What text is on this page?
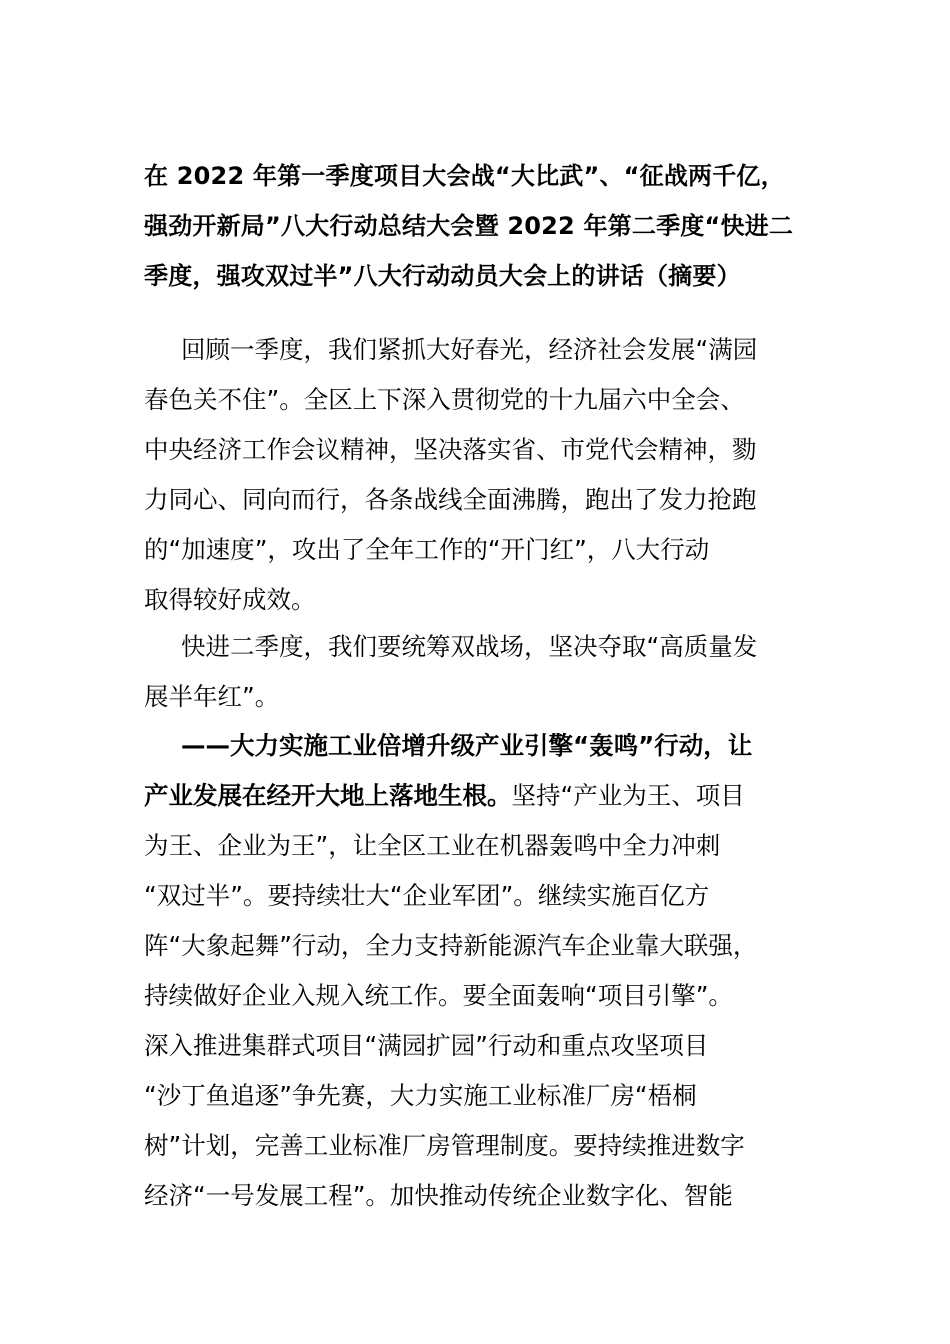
在 2022 年第一季度项目大会战“大比武”、“征战两千亿，
强劲开新局”八大行动总结大会暨 2022 年第二季度“快进二
季度，强攻双过半”八大行动动员大会上的讲话（摘要）
回顾一季度，我们紧抓大好春光，经济社会发展“满园
春色关不住”。全区上下深入贯彻党的十九届六中全会、
中央经济工作会议精神，坚决落实省、市党代会精神，勠
力同心、同向而行，各条战线全面沸腾，跑出了发力抢跑
的“加速度”，攻出了全年工作的“开门红”，八大行动
取得较好成效。
快进二季度，我们要统筹双战场，坚决夺取“高质量发
展半年红”。
——大力实施工业倍增升级产业引擎“轰鸣”行动，让
产业发展在经开大地上落地生根。坚持“产业为王、项目
为王、企业为王”，让全区工业在机器轰鸣中全力冲刺
“双过半”。要持续壮大“企业军团”。继续实施百亿方
阵“大象起舞”行动，全力支持新能源汽车企业靠大联强，
持续做好企业入规入统工作。要全面轰响“项目引擎”。
深入推进集群式项目“满园扩园”行动和重点攻坚项目
“沙丁鱼追逐”争先赛，大力实施工业标准厂房“梧桐
树”计划，完善工业标准厂房管理制度。要持续推进数字
经济“一号发展工程”。加快推动传统企业数字化、智能
